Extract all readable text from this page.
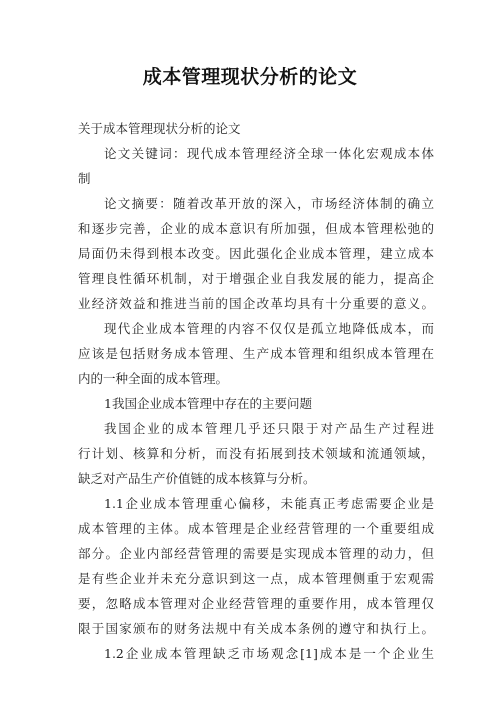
成本管理现状分析的论文
关于成本管理现状分析的论文
论文关键词：现代成本管理经济全球一体化宏观成本体
制
论文摘要：随着改革开放的深入，市场经济体制的确立
和逐步完善，企业的成本意识有所加强，但成本管理松弛的
局面仍未得到根本改变。因此强化企业成本管理，建立成本
管理良性循环机制，对于增强企业自我发展的能力，提高企
业经济效益和推进当前的国企改革均具有十分重要的意义。
现代企业成本管理的内容不仅仅是孤立地降低成本，而
应该是包括财务成本管理、生产成本管理和组织成本管理在
内的一种全面的成本管理。
1我国企业成本管理中存在的主要问题
我国企业的成本管理几乎还只限于对产品生产过程进
行计划、核算和分析，而没有拓展到技术领域和流通领域，
缺乏对产品生产价值链的成本核算与分析。
1.1企业成本管理重心偏移，未能真正考虑需要企业是
成本管理的主体。成本管理是企业经营管理的一个重要组成
部分。企业内部经营管理的需要是实现成本管理的动力，但
是有些企业并未充分意识到这一点，成本管理侧重于宏观需
要，忽略成本管理对企业经营管理的重要作用，成本管理仅
限于国家颁布的财务法规中有关成本条例的遵守和执行上。
1.2企业成本管理缺乏市场观念[1]成本是一个企业生
